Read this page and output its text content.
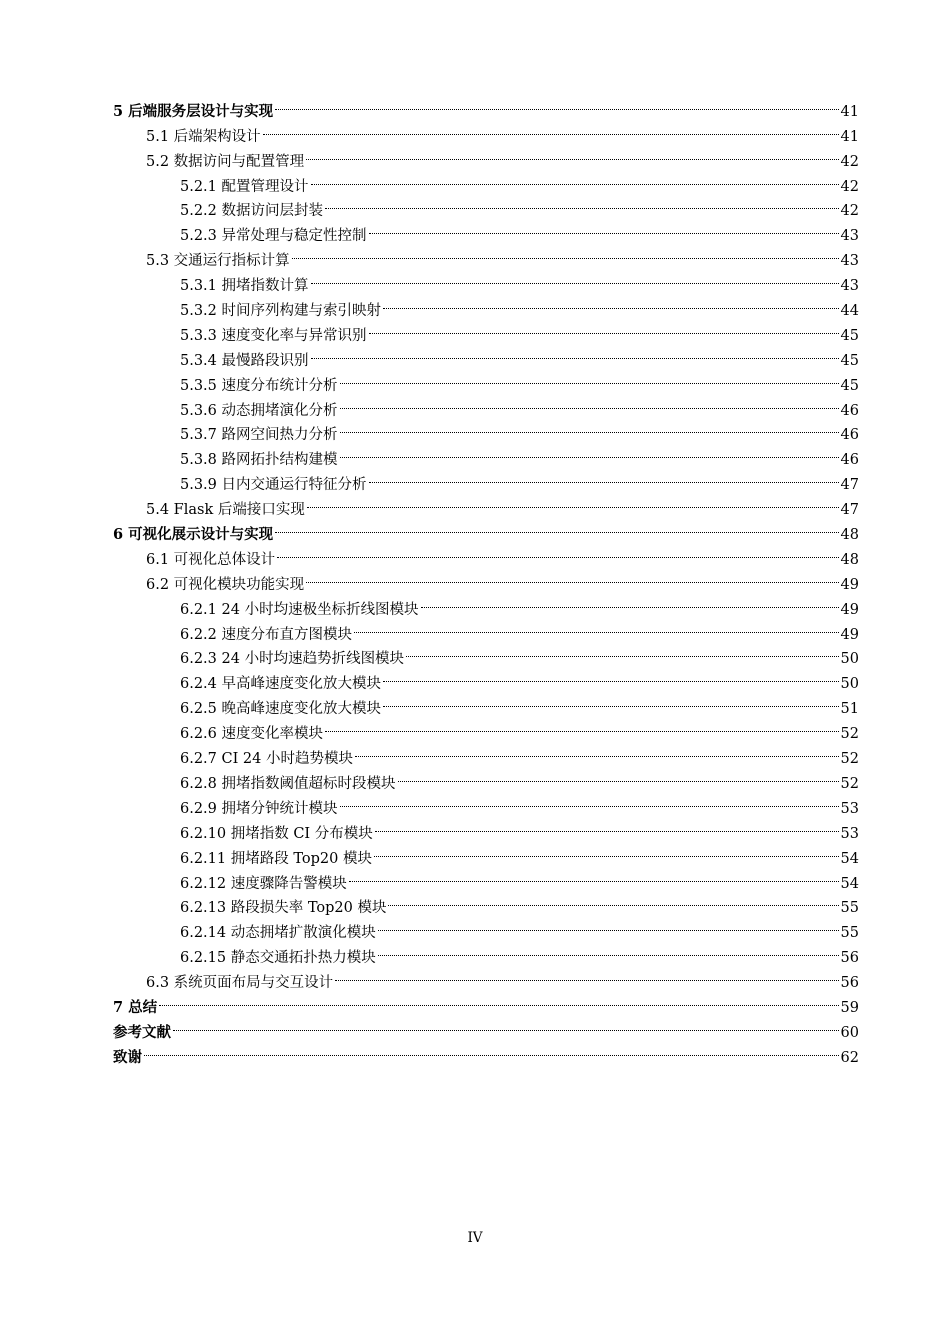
5 后端服务层设计与实现	41
5.1 后端架构设计	41
5.2 数据访问与配置管理	42
5.2.1 配置管理设计	42
5.2.2 数据访问层封装	42
5.2.3 异常处理与稳定性控制	43
5.3 交通运行指标计算	43
5.3.1 拥堵指数计算	43
5.3.2 时间序列构建与索引映射	44
5.3.3 速度变化率与异常识别	45
5.3.4 最慢路段识别	45
5.3.5 速度分布统计分析	45
5.3.6 动态拥堵演化分析	46
5.3.7 路网空间热力分析	46
5.3.8 路网拓扑结构建模	46
5.3.9 日内交通运行特征分析	47
5.4 Flask 后端接口实现	47
6 可视化展示设计与实现	48
6.1 可视化总体设计	48
6.2 可视化模块功能实现	49
6.2.1 24 小时均速极坐标折线图模块	49
6.2.2 速度分布直方图模块	49
6.2.3 24 小时均速趋势折线图模块	50
6.2.4 早高峰速度变化放大模块	50
6.2.5 晚高峰速度变化放大模块	51
6.2.6 速度变化率模块	52
6.2.7 CI 24 小时趋势模块	52
6.2.8 拥堵指数阈值超标时段模块	52
6.2.9 拥堵分钟统计模块	53
6.2.10 拥堵指数 CI 分布模块	53
6.2.11 拥堵路段 Top20 模块	54
6.2.12 速度骤降告警模块	54
6.2.13 路段损失率 Top20 模块	55
6.2.14 动态拥堵扩散演化模块	55
6.2.15 静态交通拓扑热力模块	56
6.3 系统页面布局与交互设计	56
7 总结	59
参考文献	60
致谢	62
IV
